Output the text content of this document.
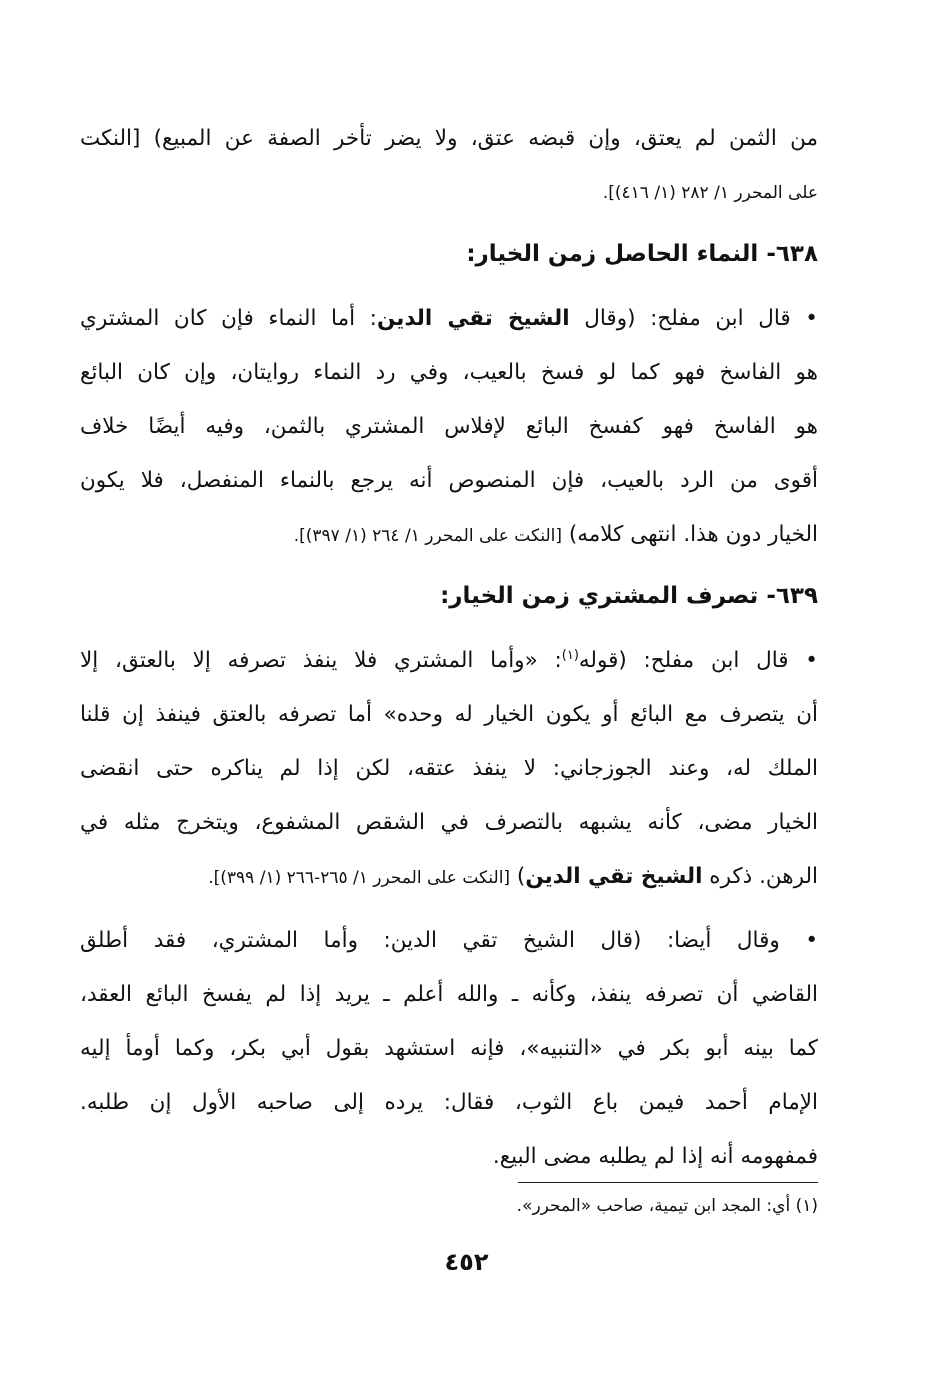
من الثمن لم يعتق، وإن قبضه عتق، ولا يضر تأخر الصفة عن المبيع) [النكت
على المحرر ١/ ٢٨٢ (١/ ٤١٦)].
٦٣٨- النماء الحاصل زمن الخيار:
• قال ابن مفلح: (وقال الشيخ تقي الدين: أما النماء فإن كان المشتري
هو الفاسخ فهو كما لو فسخ بالعيب، وفي رد النماء روايتان، وإن كان البائع
هو الفاسخ فهو كفسخ البائع لإفلاس المشتري بالثمن، وفيه أيضًا خلاف
أقوى من الرد بالعيب، فإن المنصوص أنه يرجع بالنماء المنفصل، فلا يكون
الخيار دون هذا. انتهى كلامه) [النكت على المحرر ١/ ٢٦٤ (١/ ٣٩٧)].
٦٣٩- تصرف المشتري زمن الخيار:
• قال ابن مفلح: (قوله$^{(١)}$: «وأما المشتري فلا ينفذ تصرفه إلا بالعتق، إلا
أن يتصرف مع البائع أو يكون الخيار له وحده» أما تصرفه بالعتق فينفذ إن قلنا
الملك له، وعند الجوزجاني: لا ينفذ عتقه، لكن إذا لم يناكره حتى انقضى
الخيار مضى، كأنه يشبهه بالتصرف في الشقص المشفوع، ويتخرج مثله في
الرهن. ذكره الشيخ تقي الدين) [النكت على المحرر ١/ ٢٦٥-٢٦٦ (١/ ٣٩٩)].
• وقال أيضا: (قال الشيخ تقي الدين: وأما المشتري، فقد أطلق
القاضي أن تصرفه ينفذ، وكأنه ـ والله أعلم ـ يريد إذا لم يفسخ البائع العقد،
كما بينه أبو بكر في «التنبيه»، فإنه استشهد بقول أبي بكر، وكما أومأ إليه
الإمام أحمد فيمن باع الثوب، فقال: يرده إلى صاحبه الأول إن طلبه.
فمفهومه أنه إذا لم يطلبه مضى البيع.
(١) أي: المجد ابن تيمية، صاحب «المحرر».
٤٥٢
